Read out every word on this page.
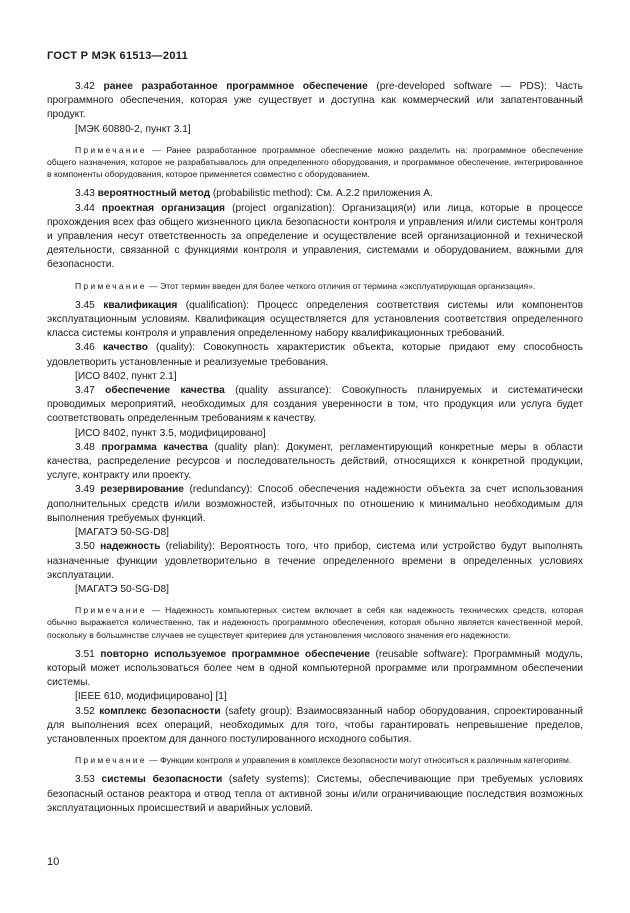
ГОСТ Р МЭК 61513—2011

3.42 ранее разработанное программное обеспечение (pre-developed software — PDS): Часть программного обеспечения, которая уже существует и доступна как коммерческий или запатентованный продукт.

[МЭК 60880-2, пункт 3.1]

Примечание — Ранее разработанное программное обеспечение можно разделить на: программное обеспечение общего назначения, которое не разрабатывалось для определенного оборудования, и программное обеспечение, интегрированное в компоненты оборудования, которое применяется совместно с оборудованием.

3.43 вероятностный метод (probabilistic method): См. А.2.2 приложения А.

3.44 проектная организация (project organization): Организация(и) или лица, которые в процессе прохождения всех фаз общего жизненного цикла безопасности контроля и управления и/или системы контроля и управления несут ответственность за определение и осуществление всей организационной и технической деятельности, связанной с функциями контроля и управления, системами и оборудованием, важными для безопасности.

Примечание — Этот термин введен для более четкого отличия от термина «эксплуатирующая организация».

3.45 квалификация (qualification): Процесс определения соответствия системы или компонентов эксплуатационным условиям. Квалификация осуществляется для установления соответствия определенного класса системы контроля и управления определенному набору квалификационных требований.

3.46 качество (quality): Совокупность характеристик объекта, которые придают ему способность удовлетворить установленные и реализуемые требования.

[ИСО 8402, пункт 2.1]

3.47 обеспечение качества (quality assurance): Совокупность планируемых и систематически проводимых мероприятий, необходимых для создания уверенности в том, что продукция или услуга будет соответствовать определенным требованиям к качеству.

[ИСО 8402, пункт 3.5, модифицировано]

3.48 программа качества (quality plan): Документ, регламентирующий конкретные меры в области качества, распределение ресурсов и последовательность действий, относящихся к конкретной продукции, услуге, контракту или проекту.

3.49 резервирование (redundancy): Способ обеспечения надежности объекта за счет использования дополнительных средств и/или возможностей, избыточных по отношению к минимально необходимым для выполнения требуемых функций.

[МАГАТЭ 50-SG-D8]

3.50 надежность (reliability): Вероятность того, что прибор, система или устройство будут выполнять назначенные функции удовлетворительно в течение определенного времени в определенных условиях эксплуатации.

[МАГАТЭ 50-SG-D8]

Примечание — Надежность компьютерных систем включает в себя как надежность технических средств, которая обычно выражается количественно, так и надежность программного обеспечения, которая обычно является качественной мерой, поскольку в большинстве случаев не существует критериев для установления числового значения его надежности.

3.51 повторно используемое программное обеспечение (reusable software): Программный модуль, который может использоваться более чем в одной компьютерной программе или программном обеспечении системы.

[IEEE 610, модифицировано] [1]

3.52 комплекс безопасности (safety group): Взаимосвязанный набор оборудования, спроектированный для выполнения всех операций, необходимых для того, чтобы гарантировать непревышение пределов, установленных проектом для данного постулированного исходного события.

Примечание — Функции контроля и управления в комплексе безопасности могут относиться к различным категориям.

3.53 системы безопасности (safety systems): Системы, обеспечивающие при требуемых условиях безопасный останов реактора и отвод тепла от активной зоны и/или ограничивающие последствия возможных эксплуатационных происшествий и аварийных условий.

10
